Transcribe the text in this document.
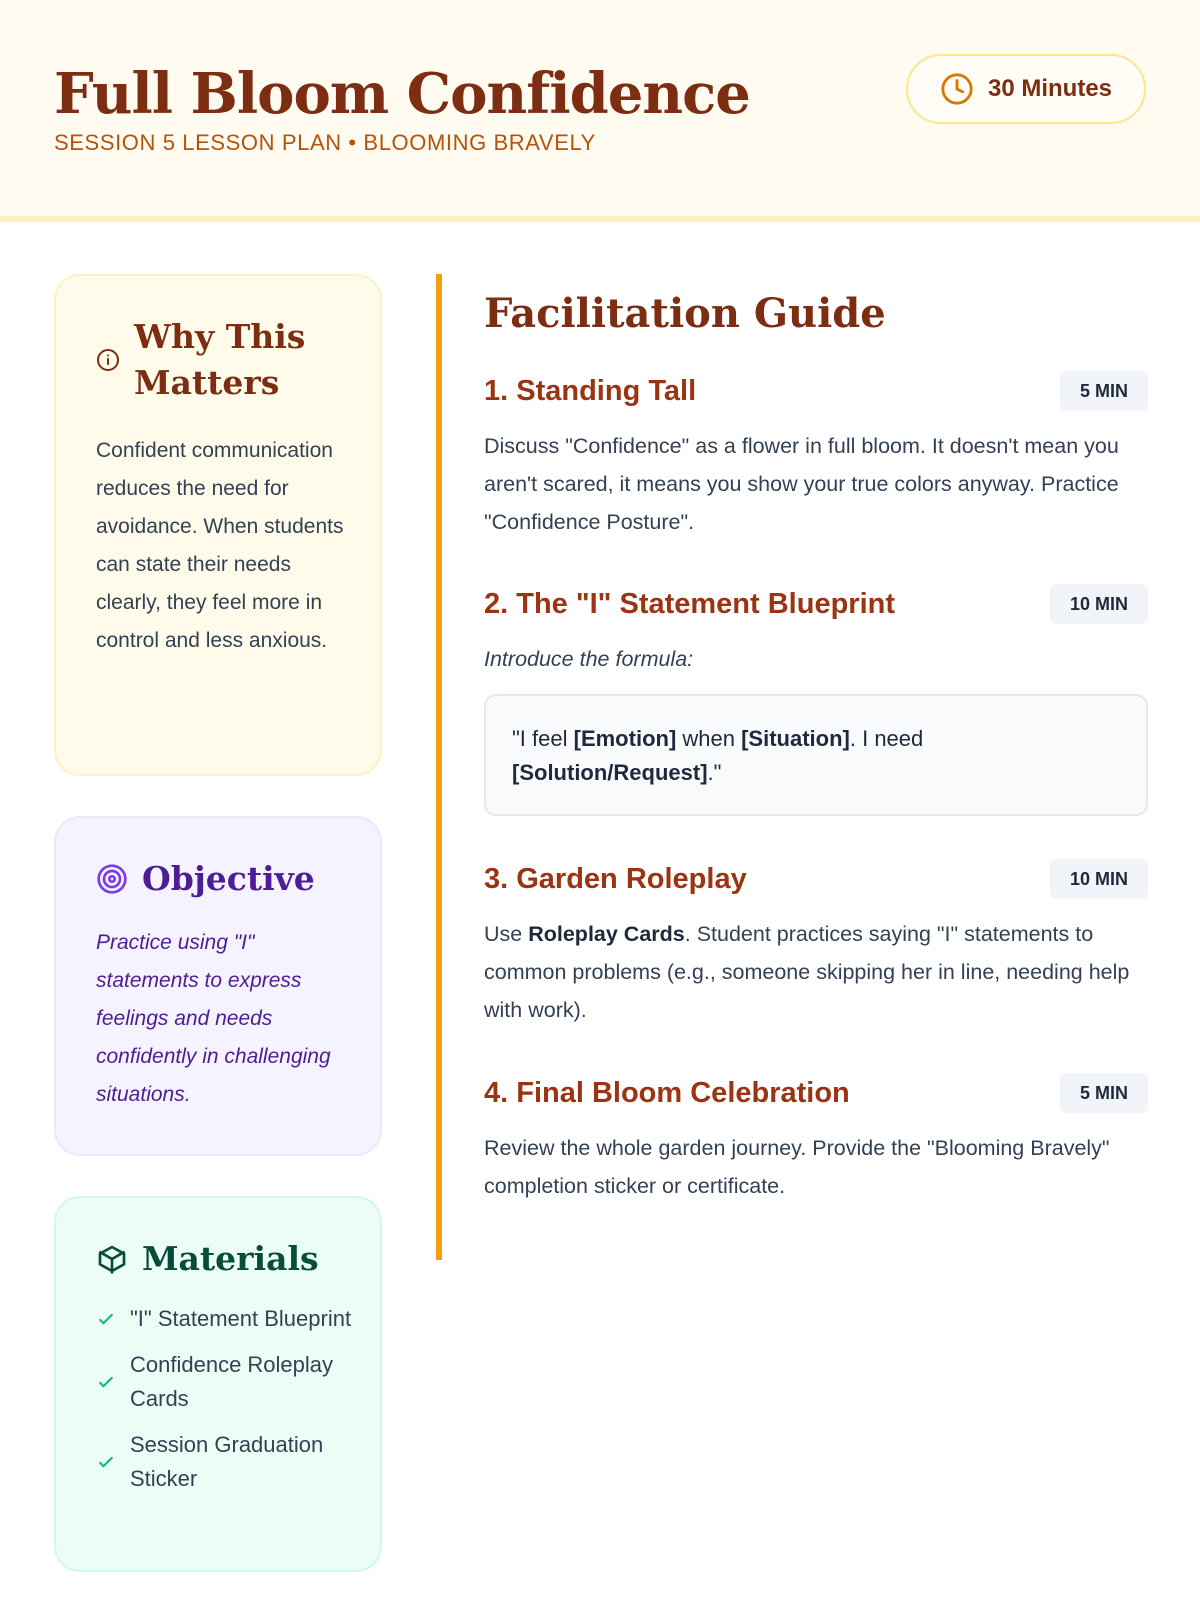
Full Bloom Confidence
SESSION 5 LESSON PLAN • BLOOMING BRAVELY
30 Minutes
Why This Matters

Confident communication reduces the need for avoidance. When students can state their needs clearly, they feel more in control and less anxious.

Objective

Practice using "I" statements to express feelings and needs confidently in challenging situations.

Materials
"I" Statement Blueprint
Confidence Roleplay Cards
Session Graduation Sticker
Facilitation Guide
1. Standing Tall	5 MIN

Discuss "Confidence" as a flower in full bloom. It doesn't mean you aren't scared, it means you show your true colors anyway. Practice "Confidence Posture".

2. The "I" Statement Blueprint	10 MIN

Introduce the formula:

"I feel [Emotion] when [Situation]. I need
[Solution/Request]."
3. Garden Roleplay	10 MIN

Use Roleplay Cards. Student practices saying "I" statements to common problems (e.g., someone skipping her in line, needing help with work).

4. Final Bloom Celebration	5 MIN

Review the whole garden journey. Provide the "Blooming Bravely" completion sticker or certificate.
